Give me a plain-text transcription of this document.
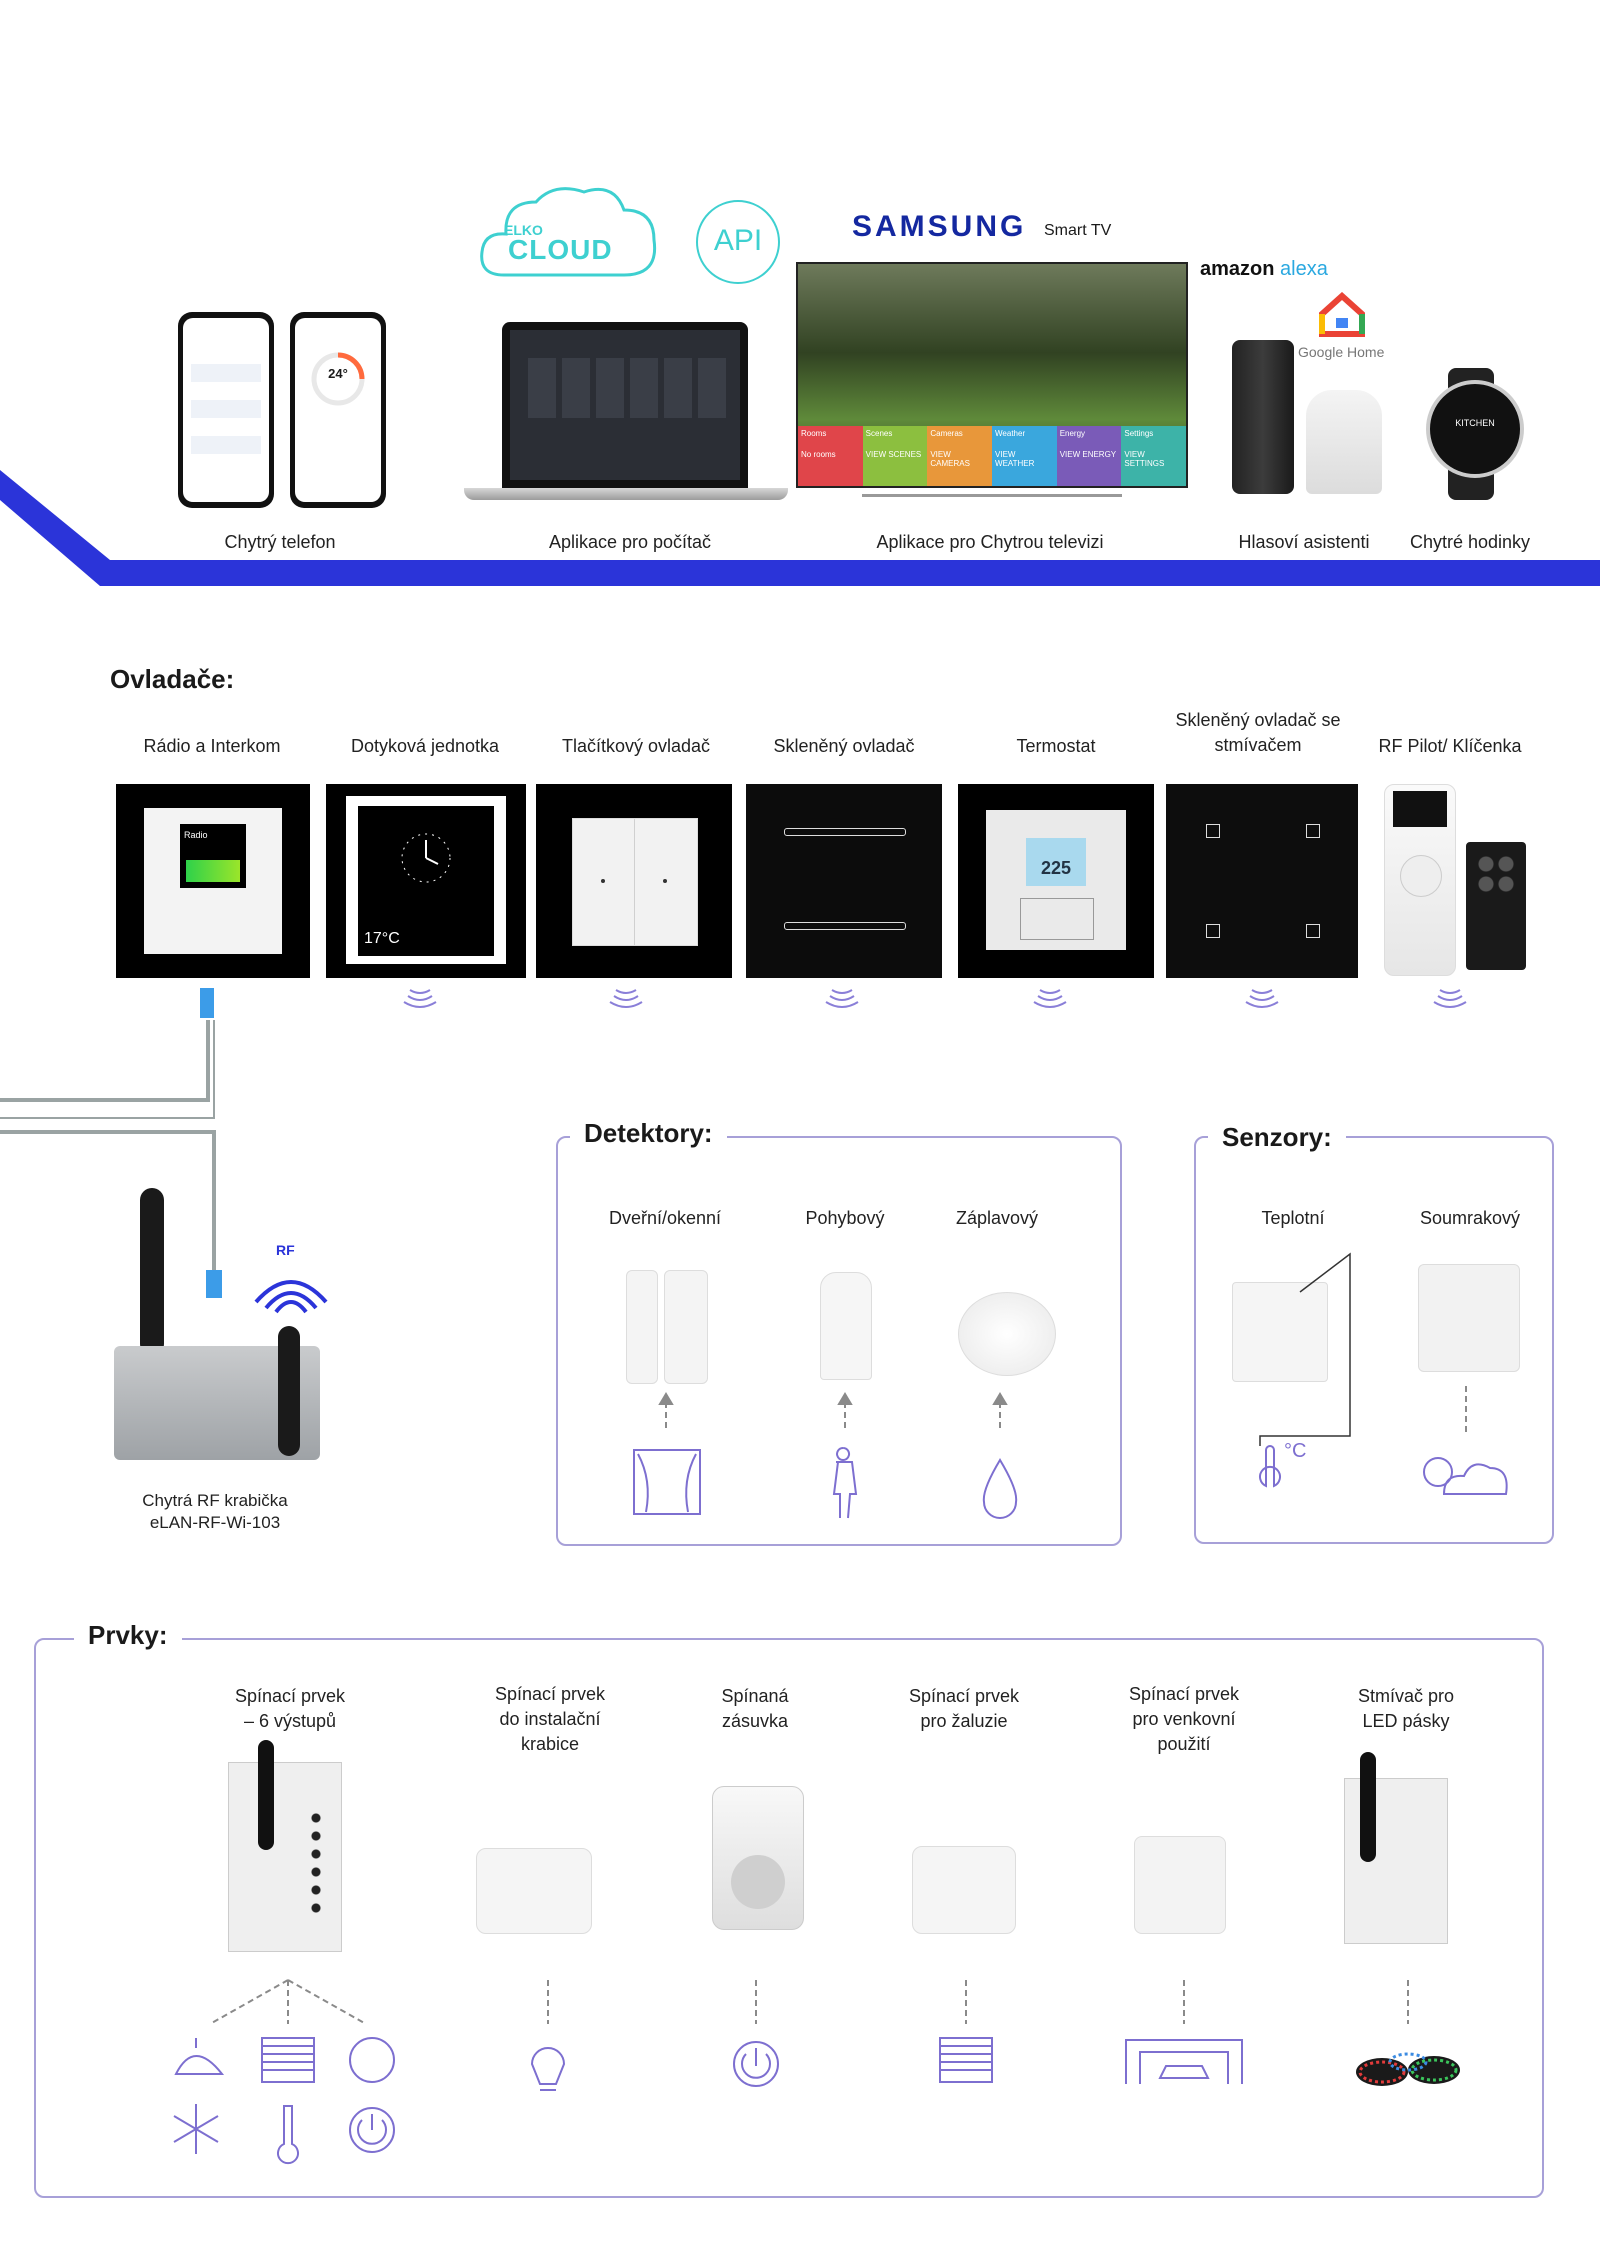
24°
ELKO
CLOUD	API	SAMSUNG Smart TV
Rooms
No rooms
Scenes
VIEW SCENES
Cameras
VIEW CAMERAS
Weather
VIEW WEATHER
Energy
VIEW ENERGY
Settings
VIEW SETTINGS
amazon alexa
Google Home
KITCHEN
Chytrý telefon	Aplikace pro počítač	Aplikace pro Chytrou televizi	Hlasoví asistenti	Chytré hodinky
Ovladače:
Rádio a Interkom	Dotyková jednotka	Tlačítkový ovladač	Skleněný ovladač	Termostat
Skleněný ovladač se stmívačem	RF Pilot/ Klíčenka
Radio
17°C
225
RF
Chytrá RF krabička
eLAN-RF-Wi-103
Detektory:
Dveřní/okenní	Pohybový	Záplavový
Senzory:
Teplotní	Soumrakový
°C
Prvky:
Spínací prvek
– 6 výstupů
Spínací prvek
do instalační
krabice
Spínaná
zásuvka
Spínací prvek
pro žaluzie
Spínací prvek
pro venkovní
použití
Stmívač pro
LED pásky
